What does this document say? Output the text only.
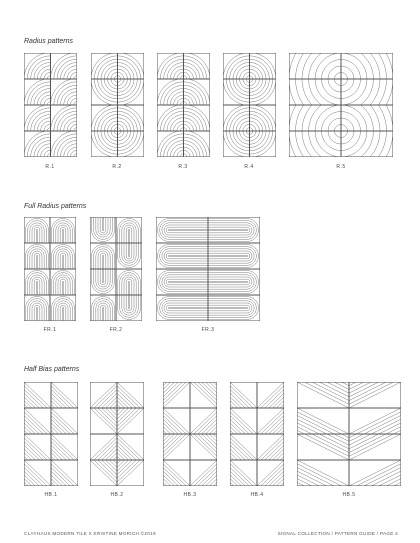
Radius patterns
Full Radius patterns
Half Bias patterns
R.1	R.2	R.3	R.4	R.5
FR.1	FR.2	FR.3
HB.1	HB.2	HB.3	HB.4	HB.5
CLAYHAUS MODERN TILE X KRISTINE MORICH ©2019	SIGNAL COLLECTION / PATTERN GUIDE / PAGE 2
